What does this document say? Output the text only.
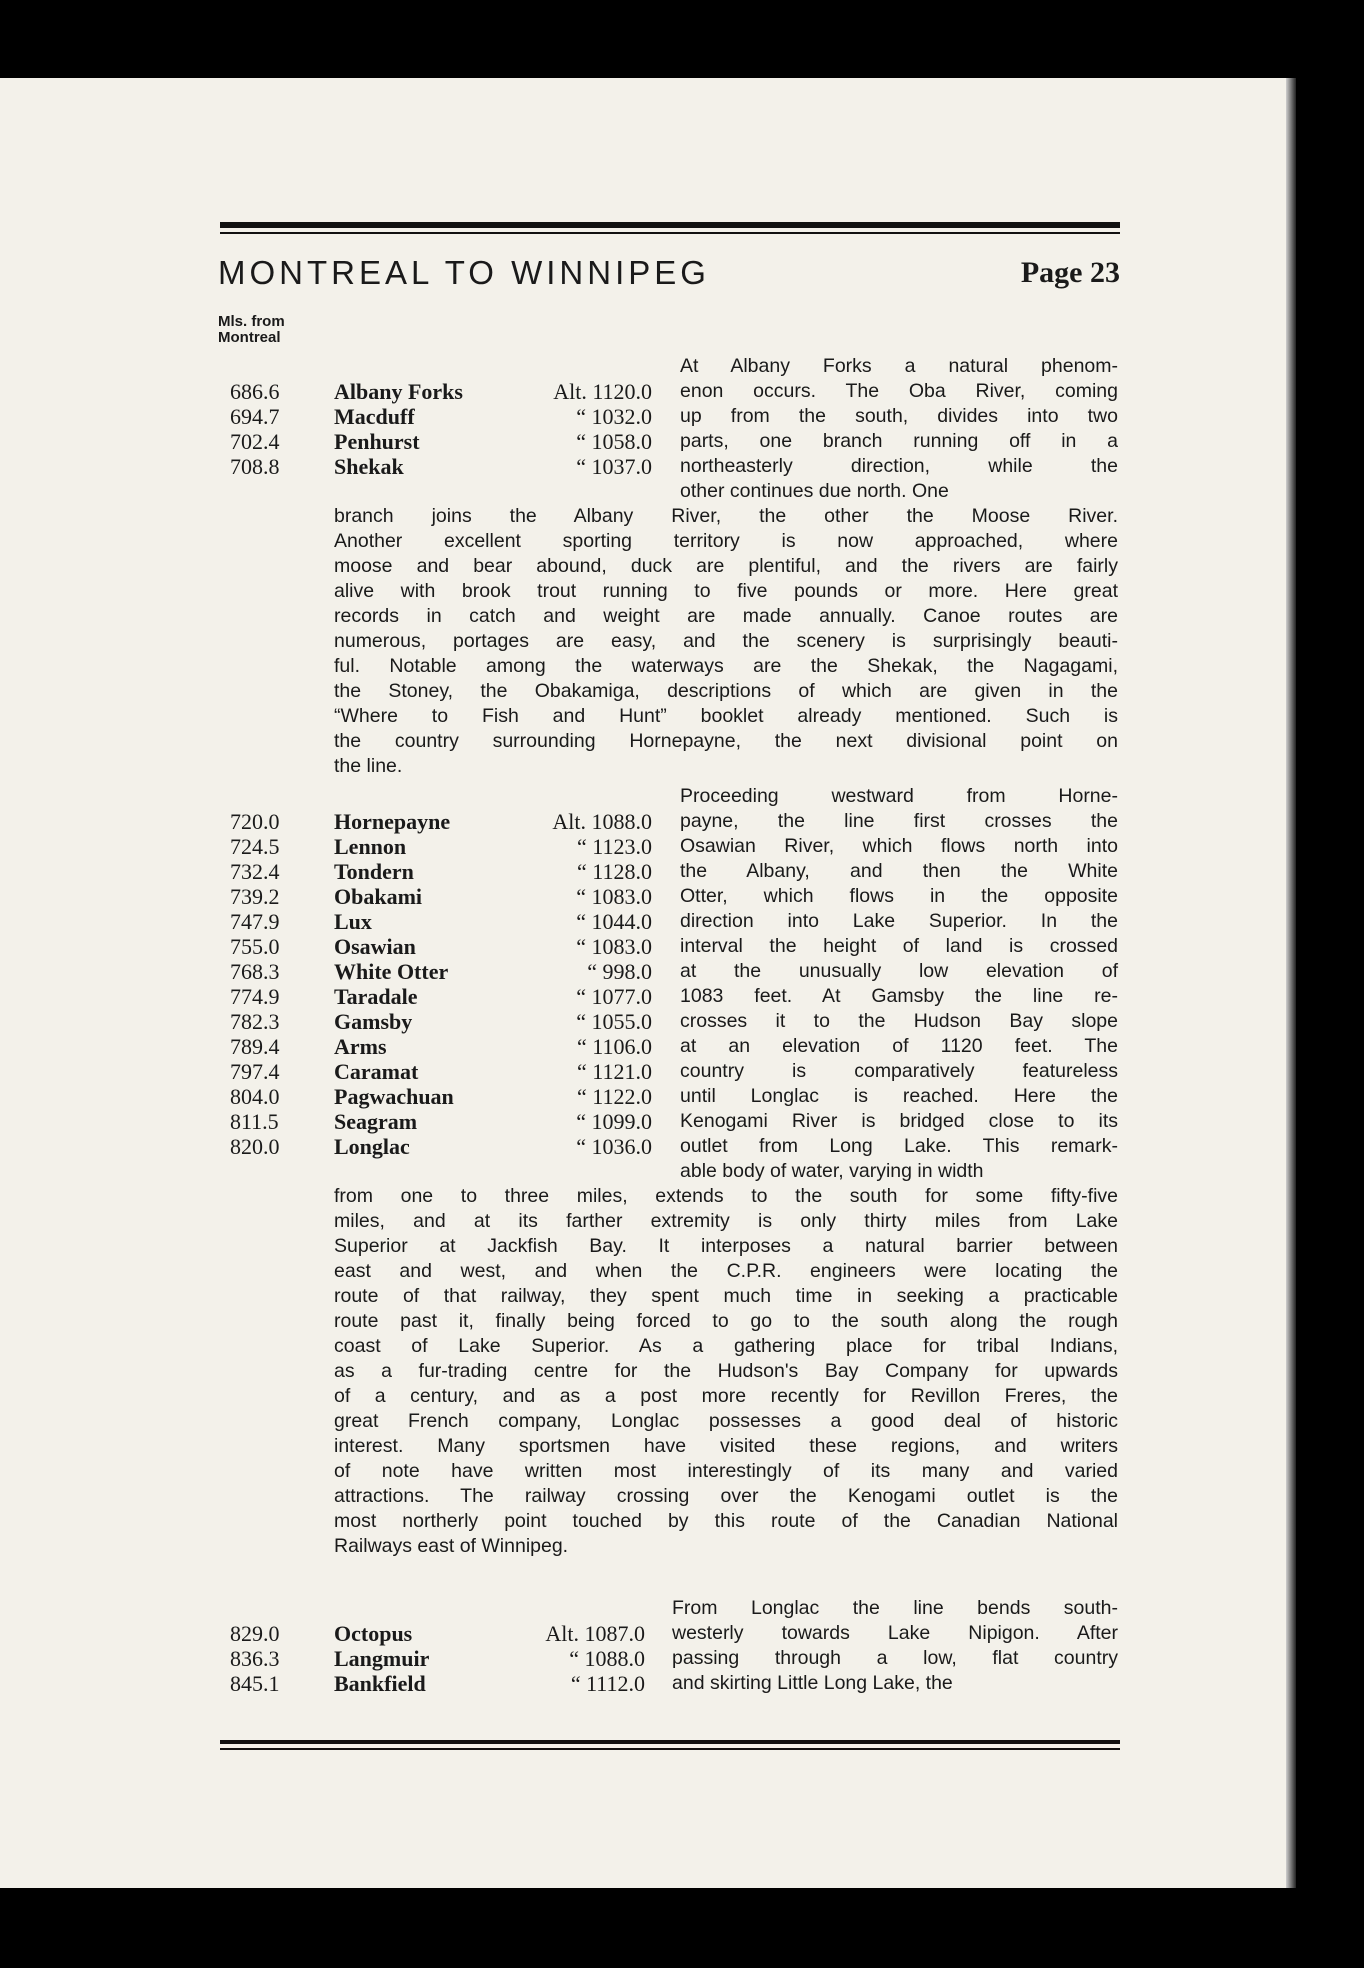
MONTREAL TO WINNIPEG	Page 23
Mls. from
Montreal
At Albany Forks a natural phenom-
enon occurs. The Oba River, coming
up from the south, divides into two
parts, one branch running off in a
northeasterly direction, while the
other continues due north. One
686.6	Albany Forks	Alt. 1120.0
694.7	Macduff	“ 1032.0
702.4	Penhurst	“ 1058.0
708.8	Shekak	“ 1037.0
branch joins the Albany River, the other the Moose River.
Another excellent sporting territory is now approached, where
moose and bear abound, duck are plentiful, and the rivers are fairly
alive with brook trout running to five pounds or more. Here great
records in catch and weight are made annually. Canoe routes are
numerous, portages are easy, and the scenery is surprisingly beauti-
ful. Notable among the waterways are the Shekak, the Nagagami,
the Stoney, the Obakamiga, descriptions of which are given in the
“Where to Fish and Hunt” booklet already mentioned. Such is
the country surrounding Hornepayne, the next divisional point on
the line.
Proceeding westward from Horne-
payne, the line first crosses the
Osawian River, which flows north into
the Albany, and then the White
Otter, which flows in the opposite
direction into Lake Superior. In the
interval the height of land is crossed
at the unusually low elevation of
1083 feet. At Gamsby the line re-
crosses it to the Hudson Bay slope
at an elevation of 1120 feet. The
country is comparatively featureless
until Longlac is reached. Here the
Kenogami River is bridged close to its
outlet from Long Lake. This remark-
able body of water, varying in width
720.0	Hornepayne	Alt. 1088.0
724.5	Lennon	“ 1123.0
732.4	Tondern	“ 1128.0
739.2	Obakami	“ 1083.0
747.9	Lux	“ 1044.0
755.0	Osawian	“ 1083.0
768.3	White Otter	“ 998.0
774.9	Taradale	“ 1077.0
782.3	Gamsby	“ 1055.0
789.4	Arms	“ 1106.0
797.4	Caramat	“ 1121.0
804.0	Pagwachuan	“ 1122.0
811.5	Seagram	“ 1099.0
820.0	Longlac	“ 1036.0
from one to three miles, extends to the south for some fifty-five
miles, and at its farther extremity is only thirty miles from Lake
Superior at Jackfish Bay. It interposes a natural barrier between
east and west, and when the C.P.R. engineers were locating the
route of that railway, they spent much time in seeking a practicable
route past it, finally being forced to go to the south along the rough
coast of Lake Superior. As a gathering place for tribal Indians,
as a fur-trading centre for the Hudson's Bay Company for upwards
of a century, and as a post more recently for Revillon Freres, the
great French company, Longlac possesses a good deal of historic
interest. Many sportsmen have visited these regions, and writers
of note have written most interestingly of its many and varied
attractions. The railway crossing over the Kenogami outlet is the
most northerly point touched by this route of the Canadian National
Railways east of Winnipeg.
From Longlac the line bends south-
westerly towards Lake Nipigon. After
passing through a low, flat country
and skirting Little Long Lake, the
829.0	Octopus	Alt. 1087.0
836.3	Langmuir	“ 1088.0
845.1	Bankfield	“ 1112.0
